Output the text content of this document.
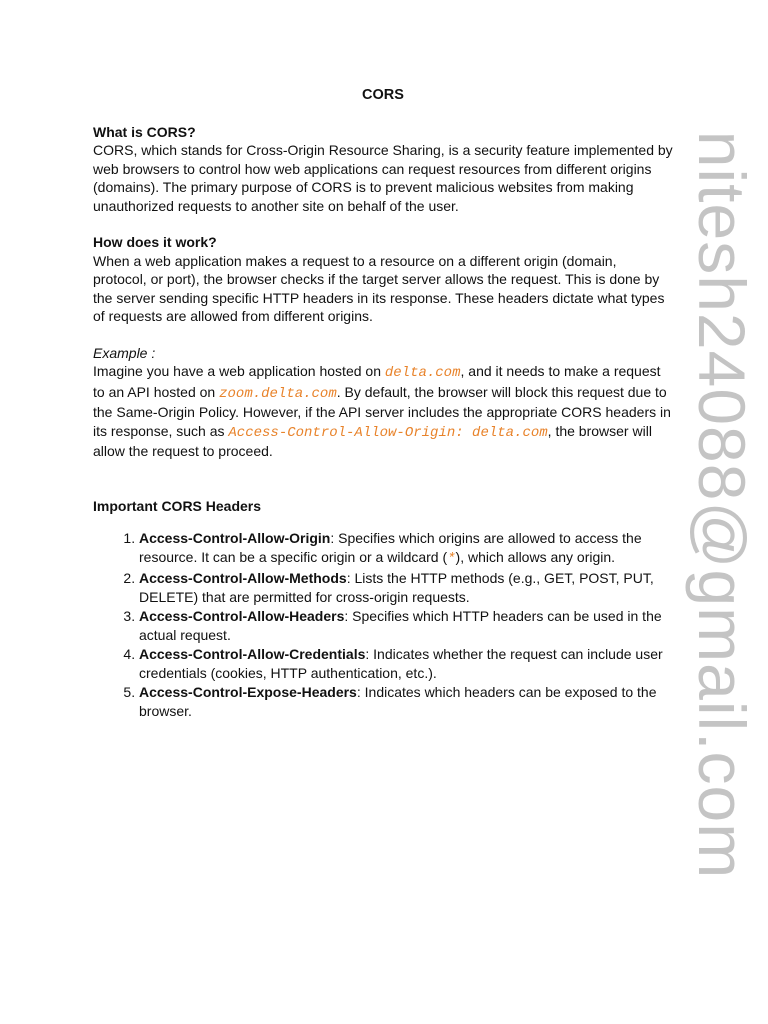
CORS

What is CORS?

CORS, which stands for Cross-Origin Resource Sharing, is a security feature implemented by web browsers to control how web applications can request resources from different origins (domains). The primary purpose of CORS is to prevent malicious websites from making unauthorized requests to another site on behalf of the user.

How does it work?

When a web application makes a request to a resource on a different origin (domain, protocol, or port), the browser checks if the target server allows the request. This is done by the server sending specific HTTP headers in its response. These headers dictate what types of requests are allowed from different origins.

Example :

Imagine you have a web application hosted on delta.com, and it needs to make a request to an API hosted on zoom.delta.com. By default, the browser will block this request due to the Same-Origin Policy. However, if the API server includes the appropriate CORS headers in its response, such as Access-Control-Allow-Origin: delta.com, the browser will allow the request to proceed.

Important CORS Headers

1. Access-Control-Allow-Origin: Specifies which origins are allowed to access the resource. It can be a specific origin or a wildcard (*), which allows any origin.
2. Access-Control-Allow-Methods: Lists the HTTP methods (e.g., GET, POST, PUT, DELETE) that are permitted for cross-origin requests.
3. Access-Control-Allow-Headers: Specifies which HTTP headers can be used in the actual request.
4. Access-Control-Allow-Credentials: Indicates whether the request can include user credentials (cookies, HTTP authentication, etc.).
5. Access-Control-Expose-Headers: Indicates which headers can be exposed to the browser.	nitesh24088@gmail.com
